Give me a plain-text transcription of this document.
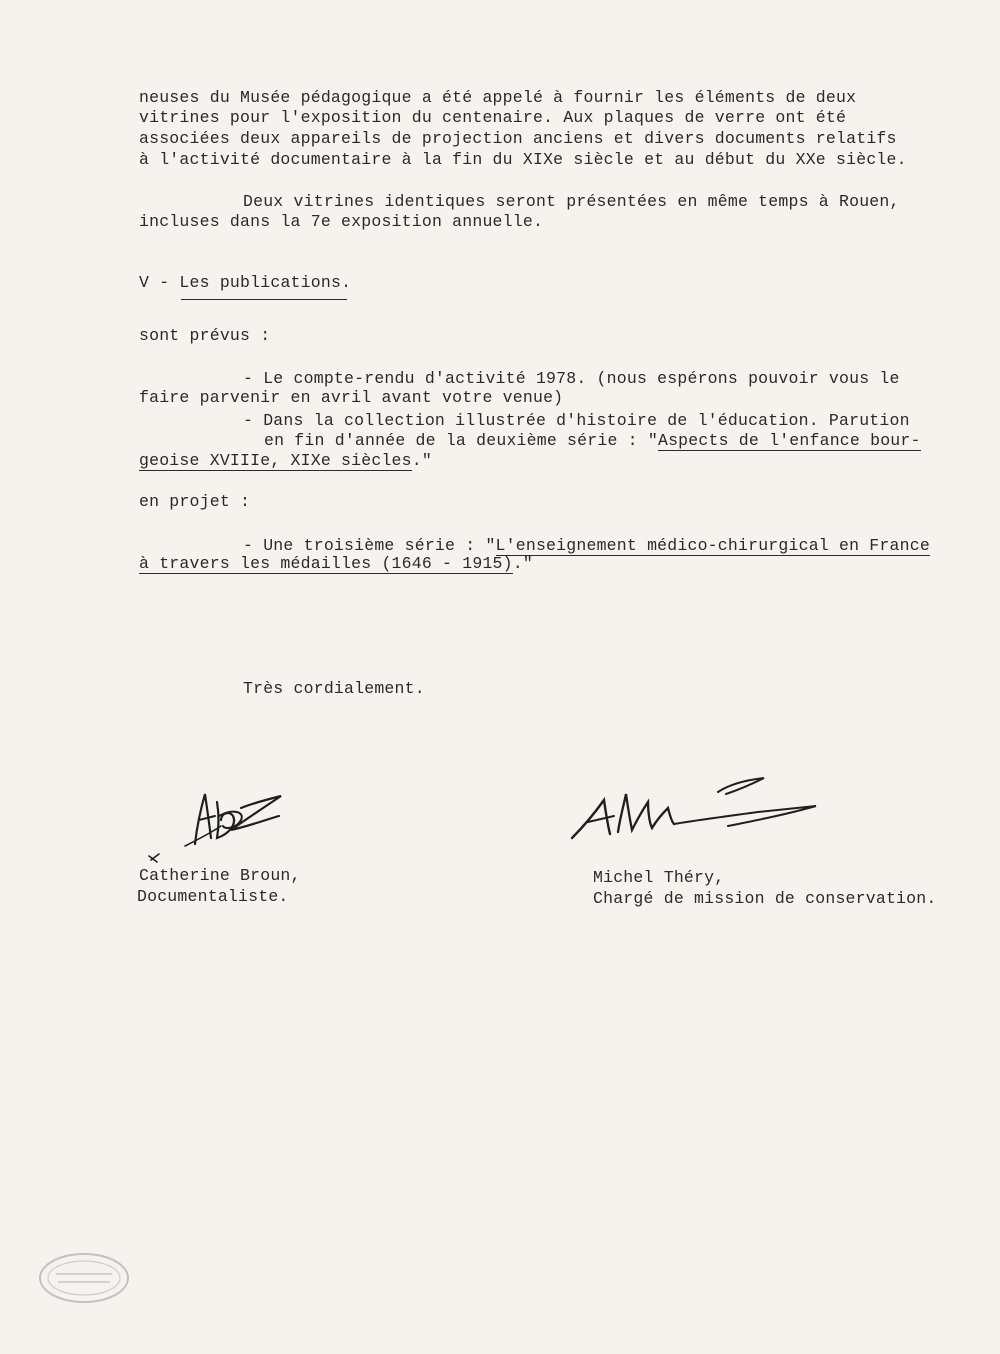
neuses du Musée pédagogique a été appelé à fournir les éléments de deux
vitrines pour l'exposition du centenaire. Aux plaques de verre ont été
associées deux appareils de projection anciens et divers documents relatifs
à l'activité documentaire à la fin du XIXe siècle et au début du XXe siècle.
Deux vitrines identiques seront présentées en même temps à Rouen,
incluses dans la 7e exposition annuelle.
V - Les publications.
sont prévus :
- Le compte-rendu d'activité 1978. (nous espérons pouvoir vous le
faire parvenir en avril avant votre venue)
- Dans la collection illustrée d'histoire de l'éducation. Parution
en fin d'année de la deuxième série : "Aspects de l'enfance bour-
geoise XVIIIe, XIXe siècles."
en projet :
- Une troisième série : "L'enseignement médico-chirurgical en France
à travers les médailles (1646 - 1915)."
Très cordialement.
Catherine Broun,
Documentaliste.
Michel Théry,
Chargé de mission de conservation.
